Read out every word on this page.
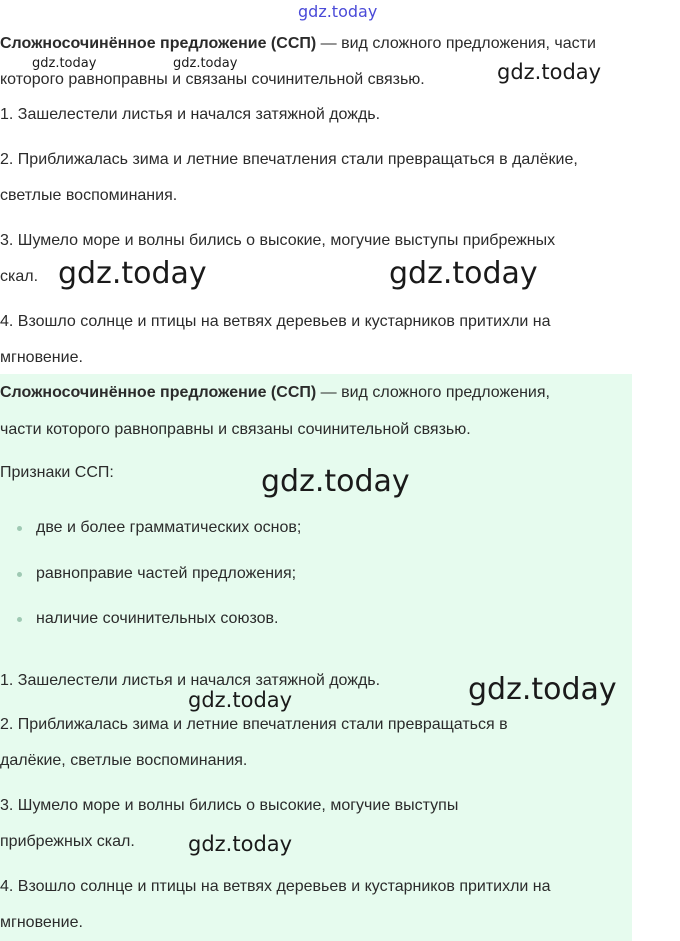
gdz.today

Сложносочинённое предложение (ССП) — вид сложного предложения, части

которого равноправны и связаны сочинительной связью.

gdz.today	gdz.today	gdz.today

1. Зашелестели листья и начался затяжной дождь.

2. Приближалась зима и летние впечатления стали превращаться в далёкие,

светлые воспоминания.

3. Шумело море и волны бились о высокие, могучие выступы прибрежных

скал. gdz.today	gdz.today

4. Взошло солнце и птицы на ветвях деревьев и кустарников притихли на

мгновение.

Сложносочинённое предложение (ССП) — вид сложного предложения,

части которого равноправны и связаны сочинительной связью.

Признаки ССП:	gdz.today
две и более грамматических основ;
равноправие частей предложения;
наличие сочинительных союзов.

1. Зашелестели листья и начался затяжной дождь.

gdz.today	gdz.today

2. Приближалась зима и летние впечатления стали превращаться в

далёкие, светлые воспоминания.

3. Шумело море и волны бились о высокие, могучие выступы

прибрежных скал.	gdz.today

4. Взошло солнце и птицы на ветвях деревьев и кустарников притихли на

мгновение.
